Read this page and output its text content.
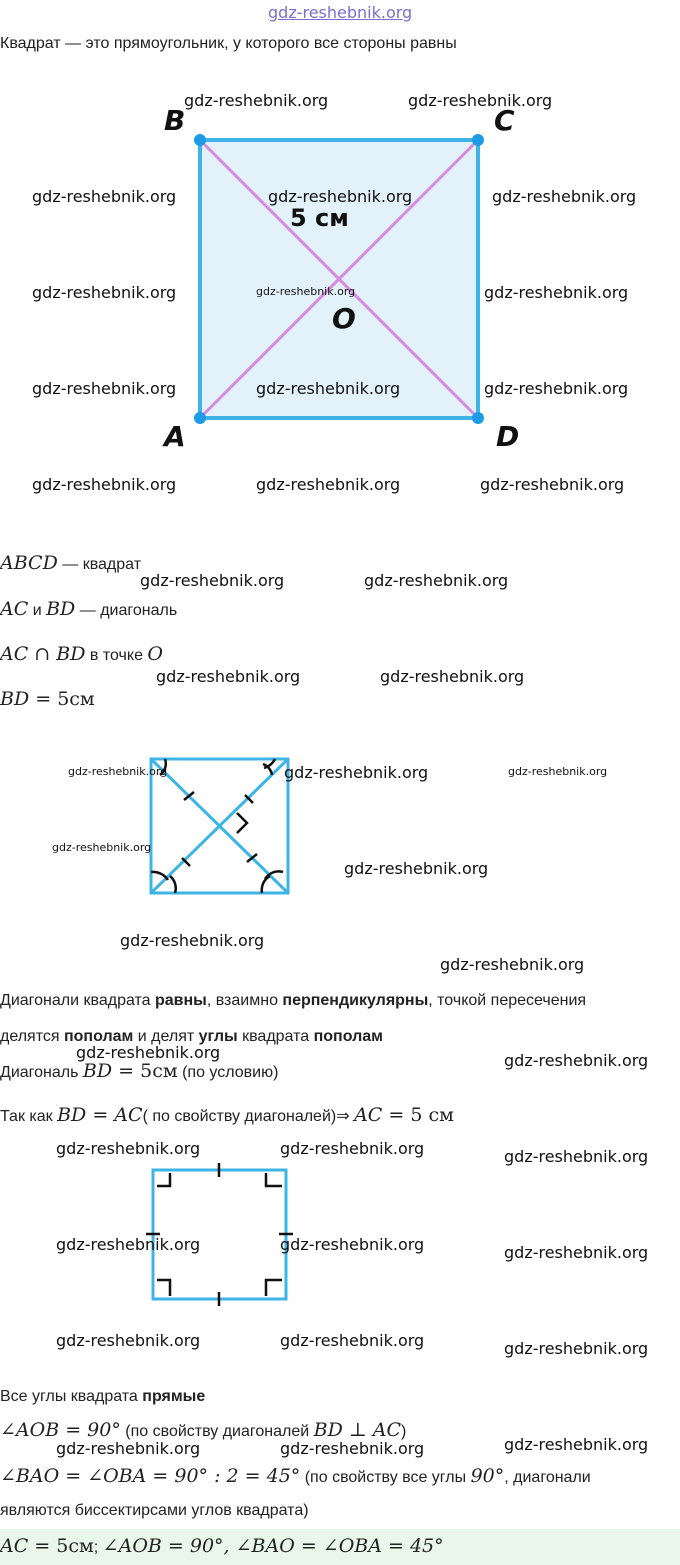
gdz-reshebnik.org
Квадрат — это прямоугольник, у которого все стороны равны
B	C
A	D
O
5 см
ABCD — квадрат
AC и BD — диагональ
AC ∩ BD в точке O
BD = 5см
Диагонали квадрата равны, взаимно перпендикулярны, точкой пересечения
делятся пополам и делят углы квадрата пополам
Диагональ BD = 5см (по условию)
Так как BD = AC( по свойству диагоналей)⇒ AC = 5 см
Все углы квадрата прямые
∠AOB = 90° (по свойству диагоналей BD ⊥ AC)
∠BAO = ∠OBA = 90° : 2 = 45° (по свойству все углы 90°, диагонали
являются биссектирсами углов квадрата)
AC = 5см; ∠AOB = 90°, ∠BAO = ∠OBA = 45°
gdz-reshebnik.org	gdz-reshebnik.org
gdz-reshebnik.org	gdz-reshebnik.org	gdz-reshebnik.org
gdz-reshebnik.org	gdz-reshebnik.org	gdz-reshebnik.org
gdz-reshebnik.org	gdz-reshebnik.org	gdz-reshebnik.org
gdz-reshebnik.org	gdz-reshebnik.org	gdz-reshebnik.org
gdz-reshebnik.org	gdz-reshebnik.org
gdz-reshebnik.org	gdz-reshebnik.org
gdz-reshebnik.org	gdz-reshebnik.org	gdz-reshebnik.org
gdz-reshebnik.org
gdz-reshebnik.org
gdz-reshebnik.org
gdz-reshebnik.org
gdz-reshebnik.org	gdz-reshebnik.org
gdz-reshebnik.org	gdz-reshebnik.org	gdz-reshebnik.org
gdz-reshebnik.org	gdz-reshebnik.org	gdz-reshebnik.org
gdz-reshebnik.org	gdz-reshebnik.org	gdz-reshebnik.org
gdz-reshebnik.org	gdz-reshebnik.org	gdz-reshebnik.org
